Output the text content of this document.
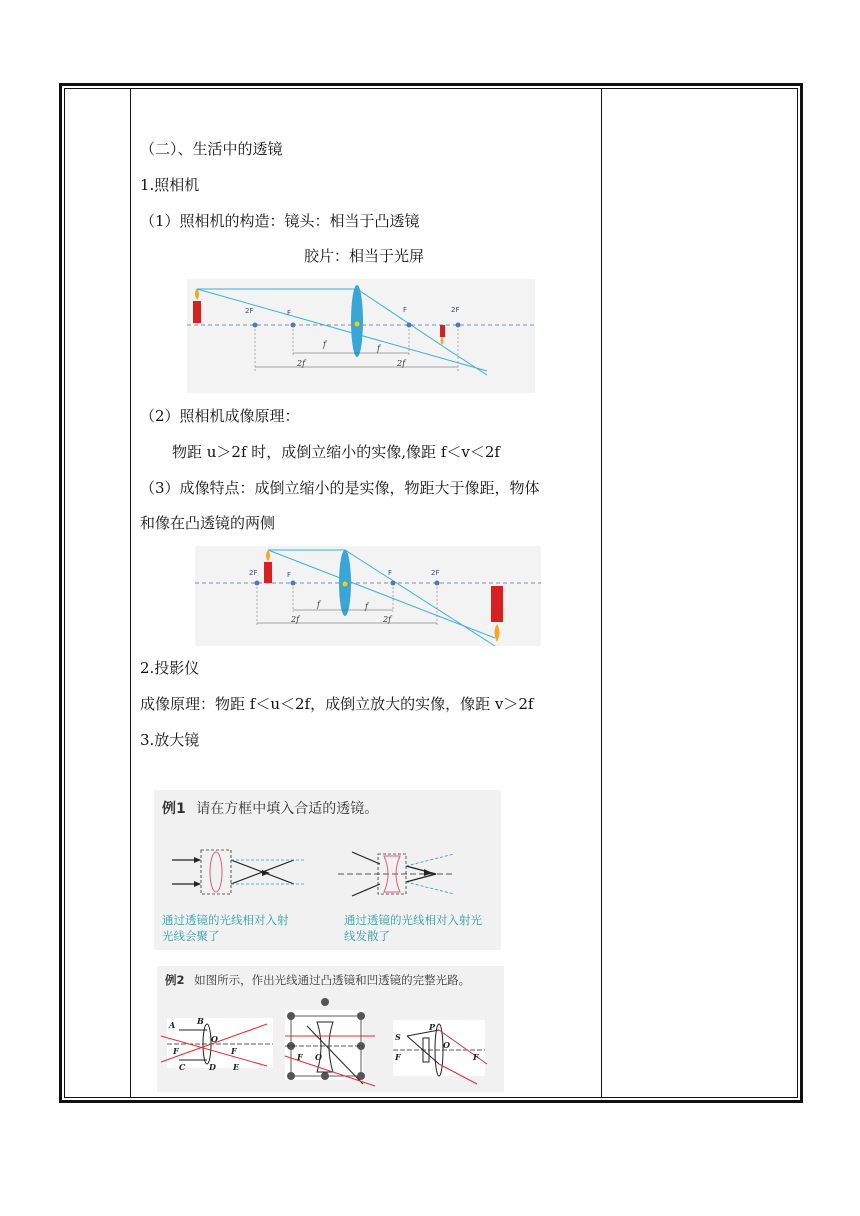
（二）、生活中的透镜
1.照相机
（1）照相机的构造：镜头：相当于凸透镜
胶片：相当于光屏
2F	F	F	2F
f	f
2f	2f
（2）照相机成像原理：
物距 u＞2f 时，成倒立缩小的实像,像距 f＜v＜2f
（3）成像特点：成倒立缩小的是实像，物距大于像距，物体
和像在凸透镜的两侧
2F	F	F	2F
f	f
2f	2f
2.投影仪
成像原理：物距 f＜u＜2f，成倒立放大的实像，像距 v＞2f
3.放大镜
例1 请在方框中填入合适的透镜。
通过透镜的光线相对入射
光线会聚了
通过透镜的光线相对入射光
线发散了
例2 如图所示，作出光线通过凸透镜和凹透镜的完整光路。
A	B
C	D E
F
O
F
F O
S
P
O
F	F
